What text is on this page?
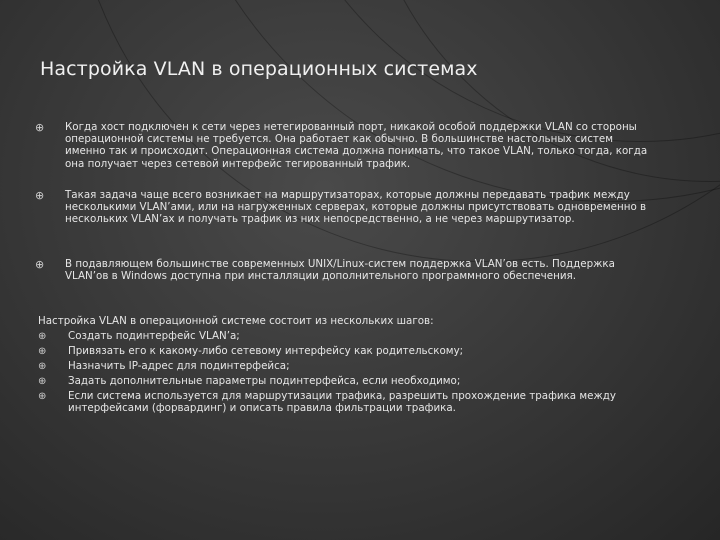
Настройка VLAN в операционных системах
⊕ Когда хост подключен к сети через нетегированный порт, никакой особой поддержки VLAN со стороны операционной системы не требуется. Она работает как обычно. В большинстве настольных систем именно так и происходит. Операционная система должна понимать, что такое VLAN, только тогда, когда она получает через сетевой интерфейс тегированный трафик.
⊕ Такая задача чаще всего возникает на маршрутизаторах, которые должны передавать трафик между несколькими VLAN’ами, или на нагруженных серверах, которые должны присутствовать одновременно в нескольких VLAN’ах и получать трафик из них непосредственно, а не через маршрутизатор.
⊕ В подавляющем большинстве современных UNIX/Linux-систем поддержка VLAN’ов есть. Поддержка VLAN’ов в Windows доступна при инсталляции дополнительного программного обеспечения.
Настройка VLAN в операционной системе состоит из нескольких шагов:
⊕ Создать подинтерфейс VLAN’а;
⊕ Привязать его к какому-либо сетевому интерфейсу как родительскому;
⊕ Назначить IP-адрес для подинтерфейса;
⊕ Задать дополнительные параметры подинтерфейса, если необходимо;
⊕ Если система используется для маршрутизации трафика, разрешить прохождение трафика между интерфейсами (форвардинг) и описать правила фильтрации трафика.
